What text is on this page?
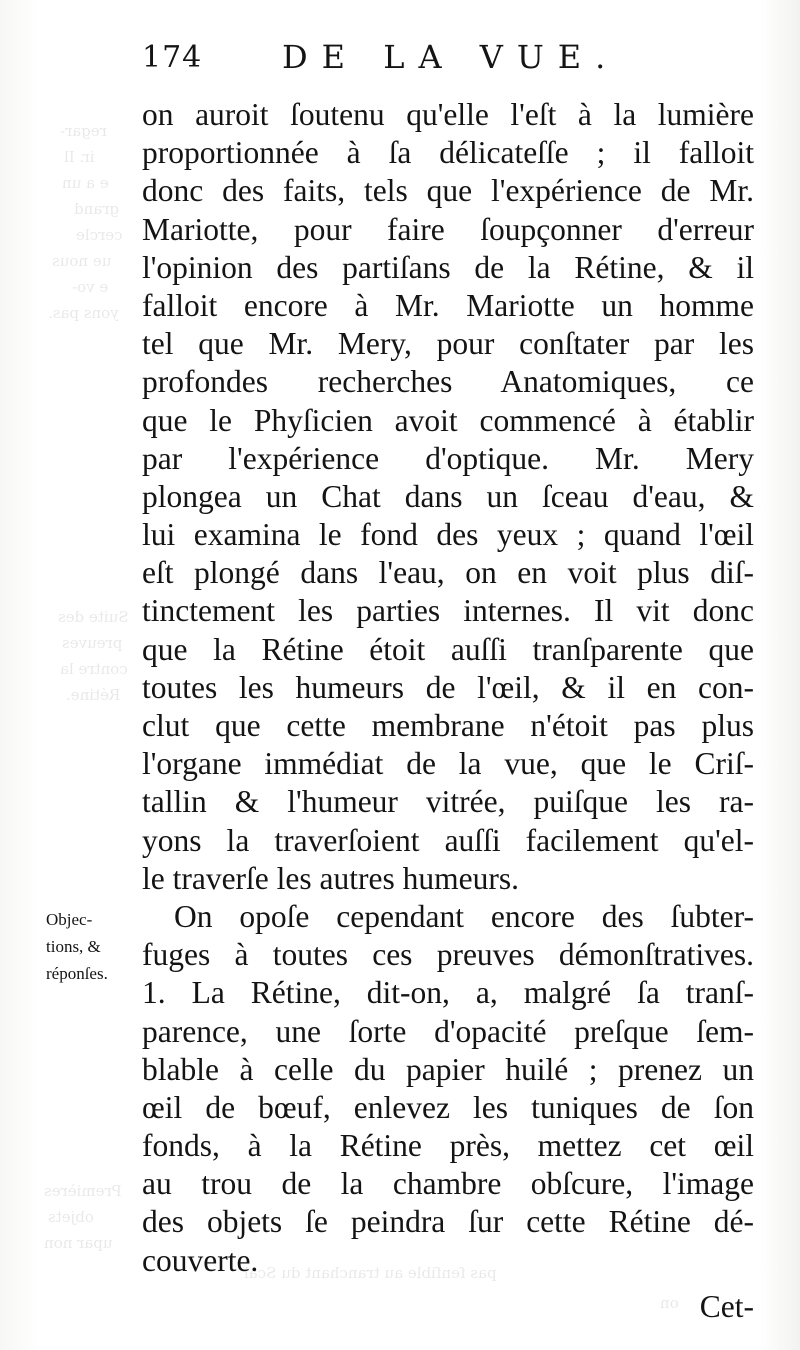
regar-
ir. Il
e a un
grand
cercle
ue nous
e vo-
yons pas.
Suite des
preuves
contre la
Rétine.
Premières
objets
upar non
pas ſenſible au tranchant du Scal
on
174 DE LA VUE.
on auroit ſoutenu qu'elle l'eſt à la lumière
proportionnée à ſa délicateſſe ; il falloit
donc des faits, tels que l'expérience de Mr.
Mariotte, pour faire ſoupçonner d'erreur
l'opinion des partiſans de la Rétine, & il
falloit encore à Mr. Mariotte un homme
tel que Mr. Mery, pour conſtater par les
profondes recherches Anatomiques, ce
que le Phyſicien avoit commencé à établir
par l'expérience d'optique. Mr. Mery
plongea un Chat dans un ſceau d'eau, &
lui examina le fond des yeux ; quand l'œil
eſt plongé dans l'eau, on en voit plus diſ-
tinctement les parties internes. Il vit donc
que la Rétine étoit auſſi tranſparente que
toutes les humeurs de l'œil, & il en con-
clut que cette membrane n'étoit pas plus
l'organe immédiat de la vue, que le Criſ-
tallin & l'humeur vitrée, puiſque les ra-
yons la traverſoient auſſi facilement qu'el-
le traverſe les autres humeurs.
On opoſe cependant encore des ſubter-
fuges à toutes ces preuves démonſtratives.
1. La Rétine, dit-on, a, malgré ſa tranſ-
parence, une ſorte d'opacité preſque ſem-
blable à celle du papier huilé ; prenez un
œil de bœuf, enlevez les tuniques de ſon
fonds, à la Rétine près, mettez cet œil
au trou de la chambre obſcure, l'image
des objets ſe peindra ſur cette Rétine dé-
couverte.
Cet-
Objec-
tions, &
réponſes.
